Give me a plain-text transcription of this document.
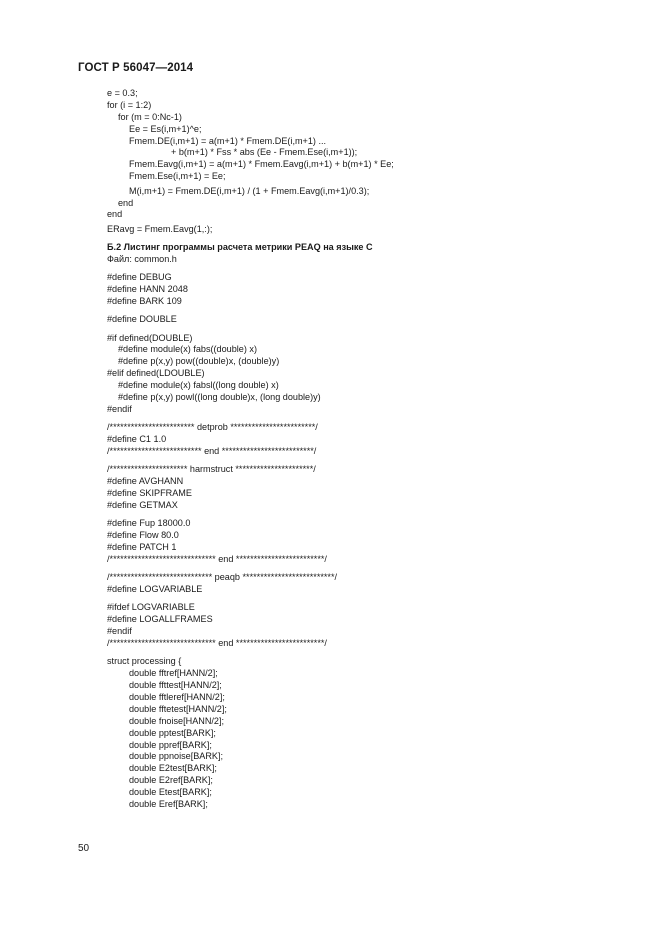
ГОСТ Р 56047—2014
e = 0.3;
for (i = 1:2)
for (m = 0:Nc-1)
Ee = Es(i,m+1)^e;
Fmem.DE(i,m+1) = a(m+1) * Fmem.DE(i,m+1) ...
+ b(m+1) * Fss * abs (Ee - Fmem.Ese(i,m+1));
Fmem.Eavg(i,m+1) = a(m+1) * Fmem.Eavg(i,m+1) + b(m+1) * Ee;
Fmem.Ese(i,m+1) = Ee;
M(i,m+1) = Fmem.DE(i,m+1) / (1 + Fmem.Eavg(i,m+1)/0.3);
end
end
ERavg = Fmem.Eavg(1,:);
Б.2 Листинг программы расчета метрики PEAQ на языке С
Файл: common.h
#define DEBUG
#define HANN 2048
#define BARK 109
#define DOUBLE
#if defined(DOUBLE)
#define module(x) fabs((double) x)
#define p(x,y) pow((double)x, (double)y)
#elif defined(LDOUBLE)
#define module(x) fabsl((long double) x)
#define p(x,y) powl((long double)x, (long double)y)
#endif
/************************ detprob ************************/
#define C1 1.0
/************************** end **************************/
/********************** harmstruct **********************/
#define AVGHANN
#define SKIPFRAME
#define GETMAX
#define Fup 18000.0
#define Flow 80.0
#define PATCH 1
/****************************** end *************************/
/***************************** peaqb **************************/
#define LOGVARIABLE
#ifdef LOGVARIABLE
#define LOGALLFRAMES
#endif
/****************************** end *************************/
struct processing {
double fftref[HANN/2];
double ffttest[HANN/2];
double fftleref[HANN/2];
double fftetest[HANN/2];
double fnoise[HANN/2];
double pptest[BARK];
double ppref[BARK];
double ppnoise[BARK];
double E2test[BARK];
double E2ref[BARK];
double Etest[BARK];
double Eref[BARK];
50
